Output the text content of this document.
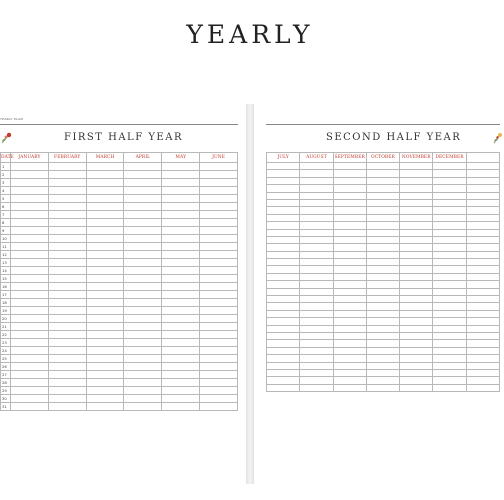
YEARLY
YEARLY PLAN
FIRST HALF YEAR
DATE	JANUARY	FEBRUARY	MARCH	APRIL	MAY	JUNE
1						
2						
3						
4						
5						
6						
7						
8						
9						
10						
11						
12						
13						
14						
15						
16						
17						
18						
19						
20						
21						
22						
23						
24						
25						
26						
27						
28						
29						
30						
31						
SECOND HALF YEAR
JULY	AUGUST	SEPTEMBER	OCTOBER	NOVEMBER	DECEMBER	
